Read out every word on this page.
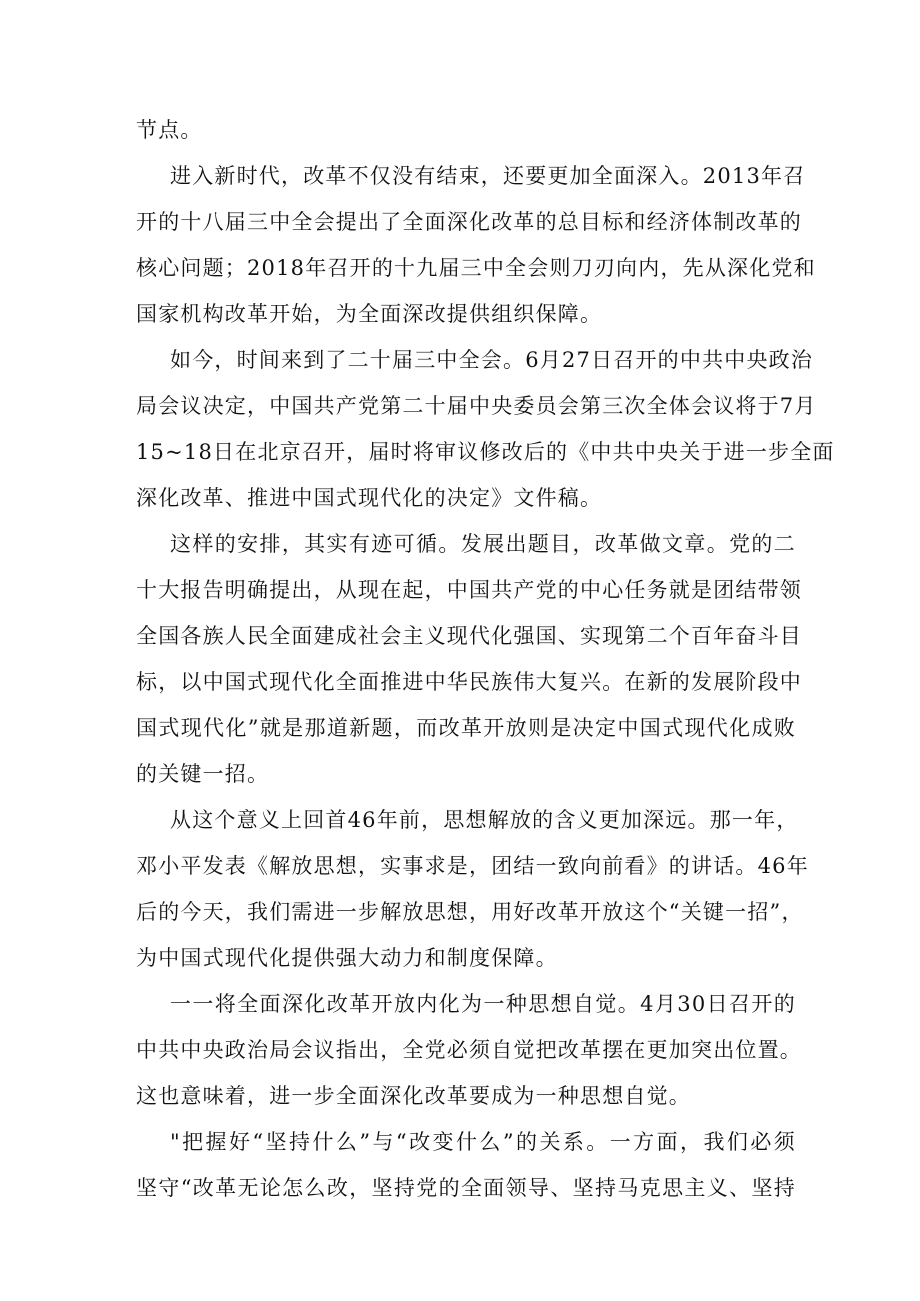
节点。
进入新时代，改革不仅没有结束，还要更加全面深入。2013年召
开的十八届三中全会提出了全面深化改革的总目标和经济体制改革的
核心问题；2018年召开的十九届三中全会则刀刃向内，先从深化党和
国家机构改革开始，为全面深改提供组织保障。
如今，时间来到了二十届三中全会。6月27日召开的中共中央政治
局会议决定，中国共产党第二十届中央委员会第三次全体会议将于7月
15~18日在北京召开，届时将审议修改后的《中共中央关于进一步全面
深化改革、推进中国式现代化的决定》文件稿。
这样的安排，其实有迹可循。发展出题目，改革做文章。党的二
十大报告明确提出，从现在起，中国共产党的中心任务就是团结带领
全国各族人民全面建成社会主义现代化强国、实现第二个百年奋斗目
标，以中国式现代化全面推进中华民族伟大复兴。在新的发展阶段中
国式现代化”就是那道新题，而改革开放则是决定中国式现代化成败
的关键一招。
从这个意义上回首46年前，思想解放的含义更加深远。那一年，
邓小平发表《解放思想，实事求是，团结一致向前看》的讲话。46年
后的今天，我们需进一步解放思想，用好改革开放这个“关键一招”，
为中国式现代化提供强大动力和制度保障。
一一将全面深化改革开放内化为一种思想自觉。4月30日召开的
中共中央政治局会议指出，全党必须自觉把改革摆在更加突出位置。
这也意味着，进一步全面深化改革要成为一种思想自觉。
"把握好“坚持什么”与“改变什么”的关系。一方面，我们必须
坚守“改革无论怎么改，坚持党的全面领导、坚持马克思主义、坚持
